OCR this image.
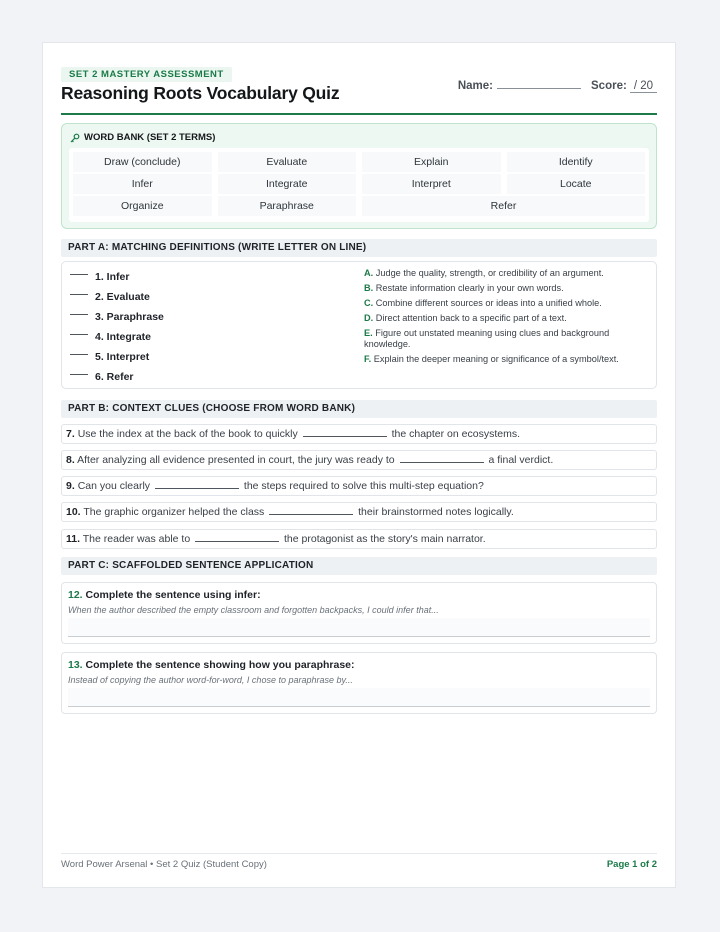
SET 2 MASTERY ASSESSMENT
Reasoning Roots Vocabulary Quiz	Name:	Score: / 20
WORD BANK (SET 2 TERMS)
Draw (conclude)	Evaluate	Explain	Identify
Infer	Integrate	Interpret	Locate
Organize	Paraphrase	Refer
PART A: MATCHING DEFINITIONS (WRITE LETTER ON LINE)
1. Infer
2. Evaluate
3. Paraphrase
4. Integrate
5. Interpret
6. Refer
A. Judge the quality, strength, or credibility of an argument.
B. Restate information clearly in your own words.
C. Combine different sources or ideas into a unified whole.
D. Direct attention back to a specific part of a text.
E. Figure out unstated meaning using clues and background knowledge.
F. Explain the deeper meaning or significance of a symbol/text.
PART B: CONTEXT CLUES (CHOOSE FROM WORD BANK)
7. Use the index at the back of the book to quickly	the chapter on ecosystems.
8. After analyzing all evidence presented in court, the jury was ready to	a final verdict.
9. Can you clearly	the steps required to solve this multi-step equation?
10. The graphic organizer helped the class	their brainstormed notes logically.
11. The reader was able to	the protagonist as the story's main narrator.
PART C: SCAFFOLDED SENTENCE APPLICATION
12. Complete the sentence using infer:
When the author described the empty classroom and forgotten backpacks, I could infer that...
13. Complete the sentence showing how you paraphrase:
Instead of copying the author word-for-word, I chose to paraphrase by...
Word Power Arsenal • Set 2 Quiz (Student Copy)	Page 1 of 2
